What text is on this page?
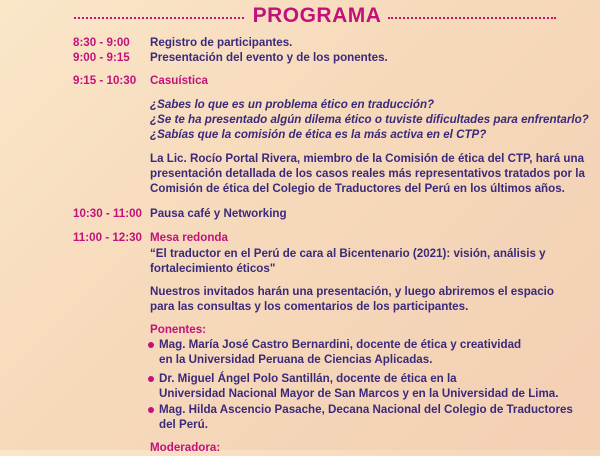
PROGRAMA
8:30 - 9:00 Registro de participantes.
9:00 - 9:15 Presentación del evento y de los ponentes.
9:15 - 10:30 Casuística
¿Sabes lo que es un problema ético en traducción?
¿Se te ha presentado algún dilema ético o tuviste dificultades para enfrentarlo?
¿Sabías que la comisión de ética es la más activa en el CTP?
La Lic. Rocío Portal Rivera, miembro de la Comisión de ética del CTP, hará una
presentación detallada de los casos reales más representativos tratados por la
Comisión de ética del Colegio de Traductores del Perú en los últimos años.
10:30 - 11:00 Pausa café y Networking
11:00 - 12:30 Mesa redonda
“El traductor en el Perú de cara al Bicentenario (2021): visión, análisis y
fortalecimiento éticos"
Nuestros invitados harán una presentación, y luego abriremos el espacio
para las consultas y los comentarios de los participantes.
Ponentes:
Mag. María José Castro Bernardini, docente de ética y creatividad
en la Universidad Peruana de Ciencias Aplicadas.
Dr. Miguel Ángel Polo Santillán, docente de ética en la
Universidad Nacional Mayor de San Marcos y en la Universidad de Lima.
Mag. Hilda Ascencio Pasache, Decana Nacional del Colegio de Traductores
del Perú.
Moderadora:
